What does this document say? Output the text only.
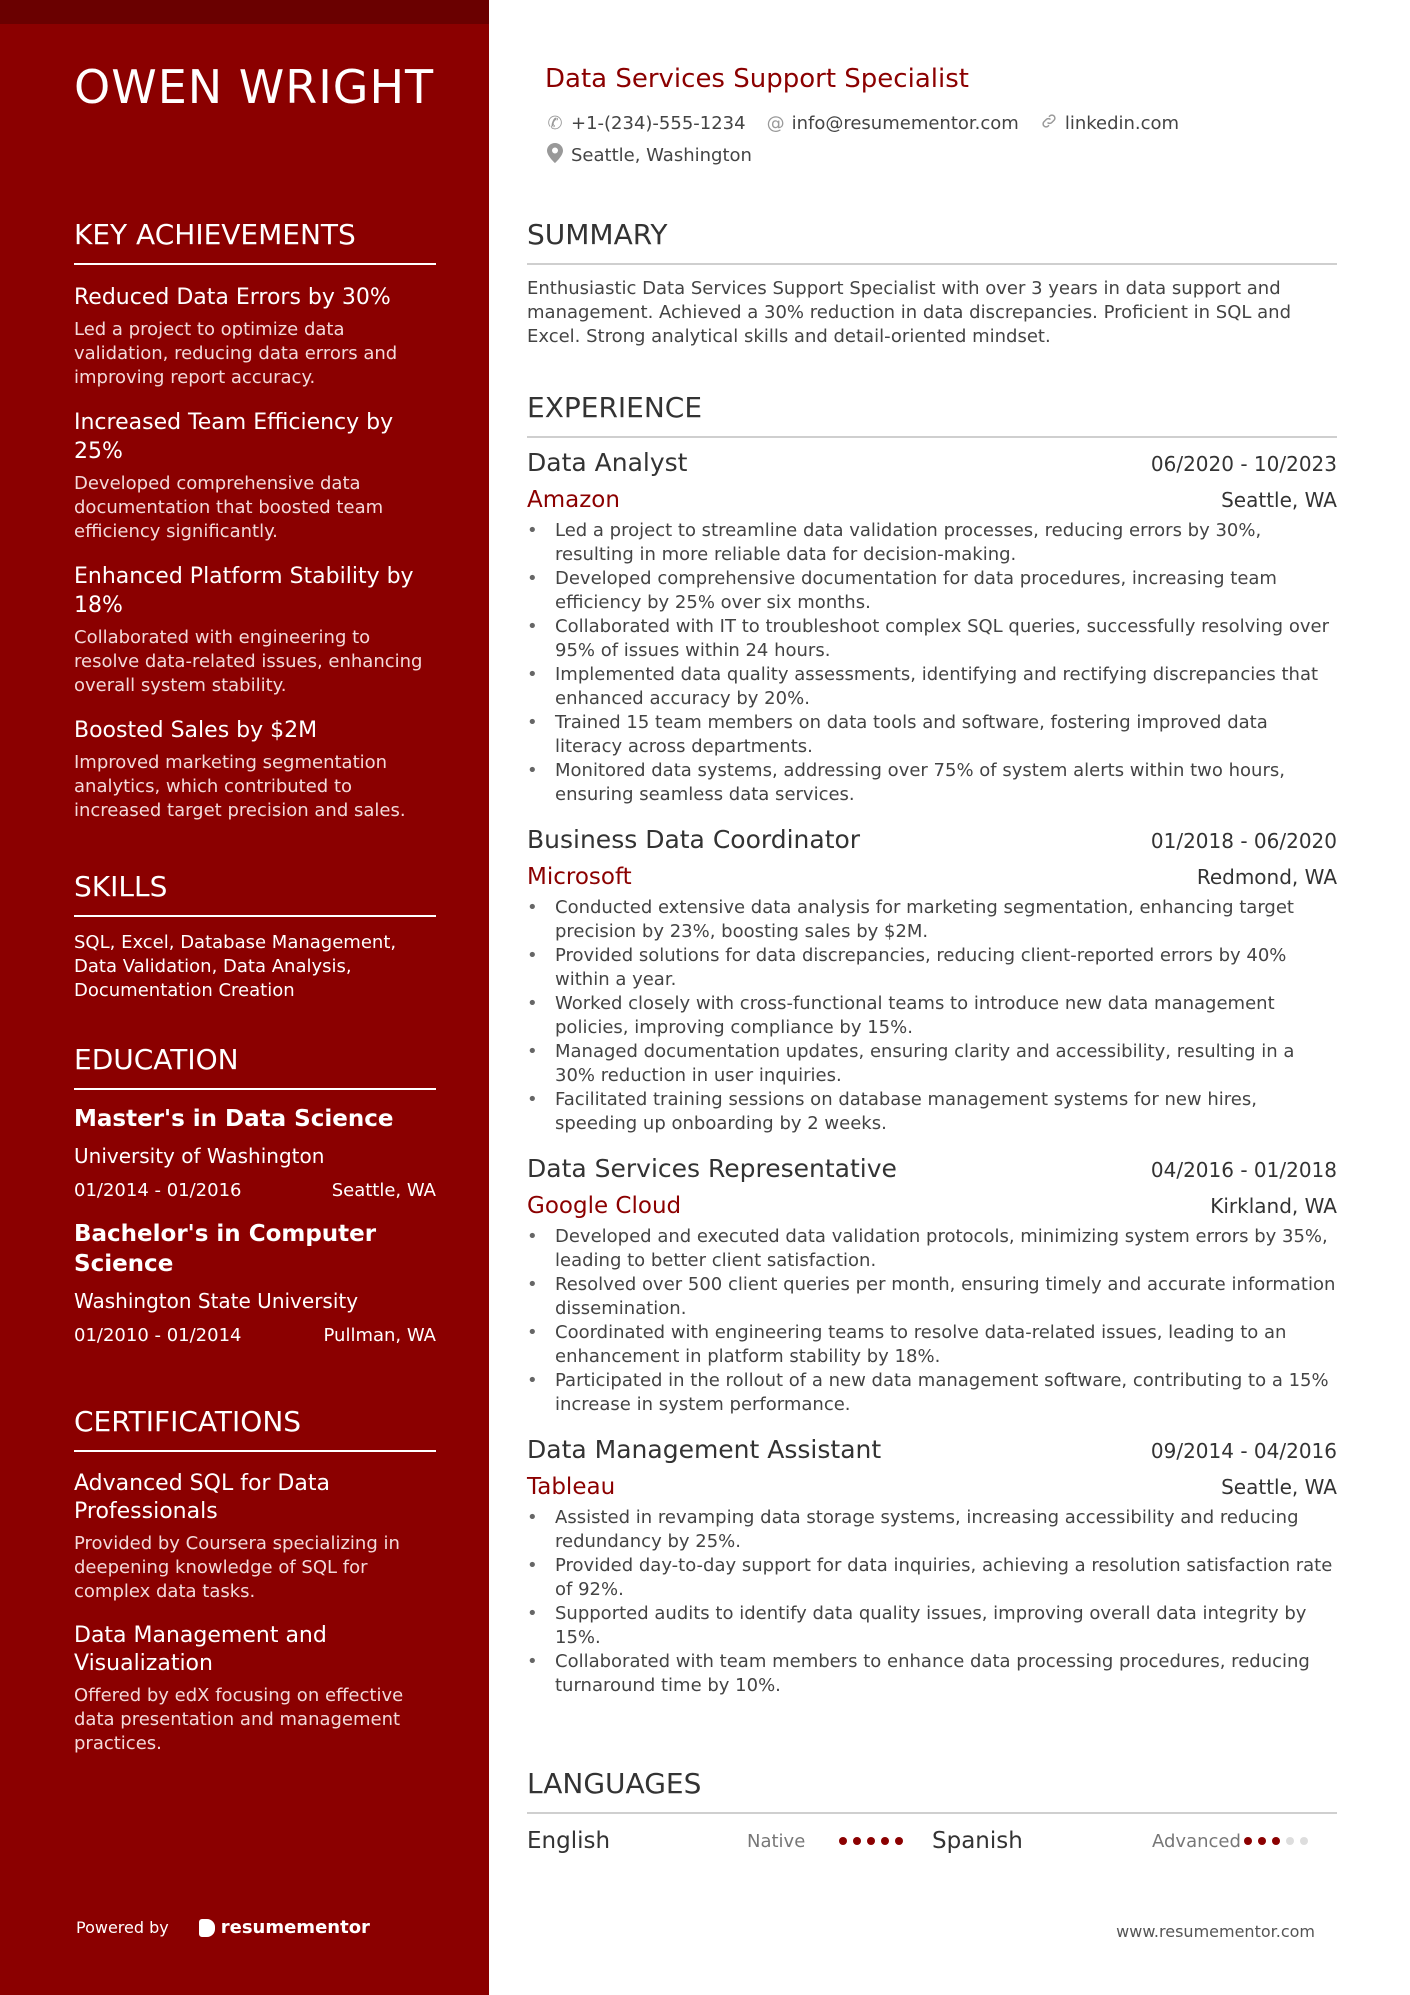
OWEN WRIGHT
KEY ACHIEVEMENTS
Reduced Data Errors by 30%
Led a project to optimize data validation, reducing data errors and improving report accuracy.
Increased Team Efficiency by 25%
Developed comprehensive data documentation that boosted team efficiency significantly.
Enhanced Platform Stability by 18%
Collaborated with engineering to resolve data-related issues, enhancing overall system stability.
Boosted Sales by $2M
Improved marketing segmentation analytics, which contributed to increased target precision and sales.
SKILLS
SQL, Excel, Database Management, Data Validation, Data Analysis, Documentation Creation
EDUCATION
Master's in Data Science
University of Washington
01/2014 - 01/2016	Seattle, WA
Bachelor's in Computer Science
Washington State University
01/2010 - 01/2014	Pullman, WA
CERTIFICATIONS
Advanced SQL for Data Professionals
Provided by Coursera specializing in deepening knowledge of SQL for complex data tasks.
Data Management and Visualization
Offered by edX focusing on effective data presentation and management practices.
Powered by	resumementor
Data Services Support Specialist
✆ +1-(234)-555-1234 @ info@resumementor.com	linkedin.com
Seattle, Washington
SUMMARY
Enthusiastic Data Services Support Specialist with over 3 years in data support and management. Achieved a 30% reduction in data discrepancies. Proficient in SQL and Excel. Strong analytical skills and detail-oriented mindset.
EXPERIENCE
Data Analyst	06/2020 - 10/2023
Amazon	Seattle, WA
• Led a project to streamline data validation processes, reducing errors by 30%, resulting in more reliable data for decision-making.
• Developed comprehensive documentation for data procedures, increasing team efficiency by 25% over six months.
• Collaborated with IT to troubleshoot complex SQL queries, successfully resolving over 95% of issues within 24 hours.
• Implemented data quality assessments, identifying and rectifying discrepancies that enhanced accuracy by 20%.
• Trained 15 team members on data tools and software, fostering improved data literacy across departments.
• Monitored data systems, addressing over 75% of system alerts within two hours, ensuring seamless data services.
Business Data Coordinator	01/2018 - 06/2020
Microsoft	Redmond, WA
• Conducted extensive data analysis for marketing segmentation, enhancing target precision by 23%, boosting sales by $2M.
• Provided solutions for data discrepancies, reducing client-reported errors by 40% within a year.
• Worked closely with cross-functional teams to introduce new data management policies, improving compliance by 15%.
• Managed documentation updates, ensuring clarity and accessibility, resulting in a 30% reduction in user inquiries.
• Facilitated training sessions on database management systems for new hires, speeding up onboarding by 2 weeks.
Data Services Representative	04/2016 - 01/2018
Google Cloud	Kirkland, WA
• Developed and executed data validation protocols, minimizing system errors by 35%, leading to better client satisfaction.
• Resolved over 500 client queries per month, ensuring timely and accurate information dissemination.
• Coordinated with engineering teams to resolve data-related issues, leading to an enhancement in platform stability by 18%.
• Participated in the rollout of a new data management software, contributing to a 15% increase in system performance.
Data Management Assistant	09/2014 - 04/2016
Tableau	Seattle, WA
• Assisted in revamping data storage systems, increasing accessibility and reducing redundancy by 25%.
• Provided day-to-day support for data inquiries, achieving a resolution satisfaction rate of 92%.
• Supported audits to identify data quality issues, improving overall data integrity by 15%.
• Collaborated with team members to enhance data processing procedures, reducing turnaround time by 10%.
LANGUAGES
English	Native	Spanish	Advanced
www.resumementor.com
